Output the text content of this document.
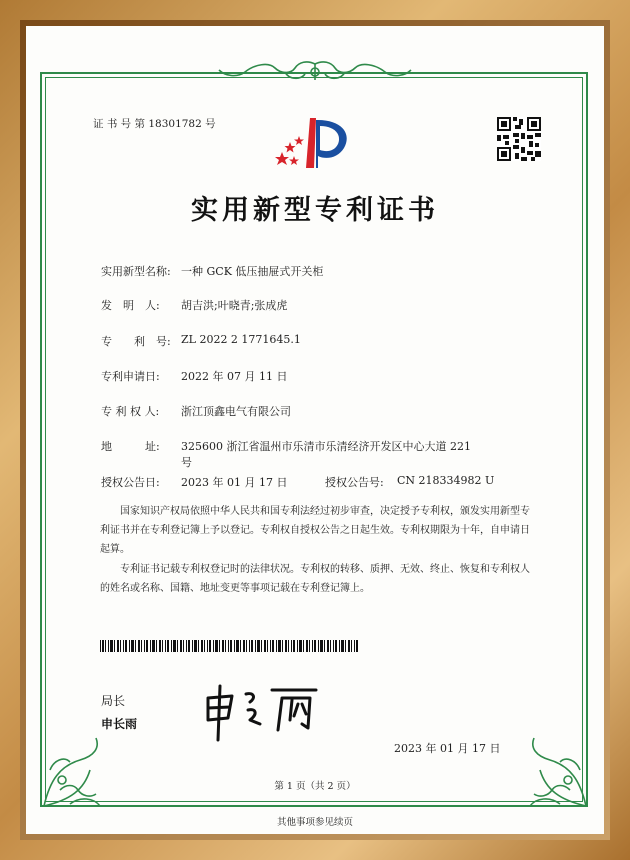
证 书 号 第 18301782 号
实用新型专利证书
实用新型名称: 一种 GCK 低压抽屉式开关柜
发　明　人: 胡吉洪;叶晓青;张成虎
专　　利　号: ZL 2022 2 1771645.1
专利申请日: 2022 年 07 月 11 日
专 利 权 人: 浙江顶鑫电气有限公司
地　　　址: 325600 浙江省温州市乐清市乐清经济开发区中心大道 221
号
授权公告日: 2023 年 01 月 17 日	授权公告号: CN 218334982 U
国家知识产权局依照中华人民共和国专利法经过初步审查，决定授予专利权，颁发实用新型专利证书并在专利登记簿上予以登记。专利权自授权公告之日起生效。专利权期限为十年，自申请日起算。
专利证书记载专利权登记时的法律状况。专利权的转移、质押、无效、终止、恢复和专利权人的姓名或名称、国籍、地址变更等事项记载在专利登记簿上。
局长
申长雨
2023 年 01 月 17 日
第 1 页（共 2 页）
其他事项参见续页
